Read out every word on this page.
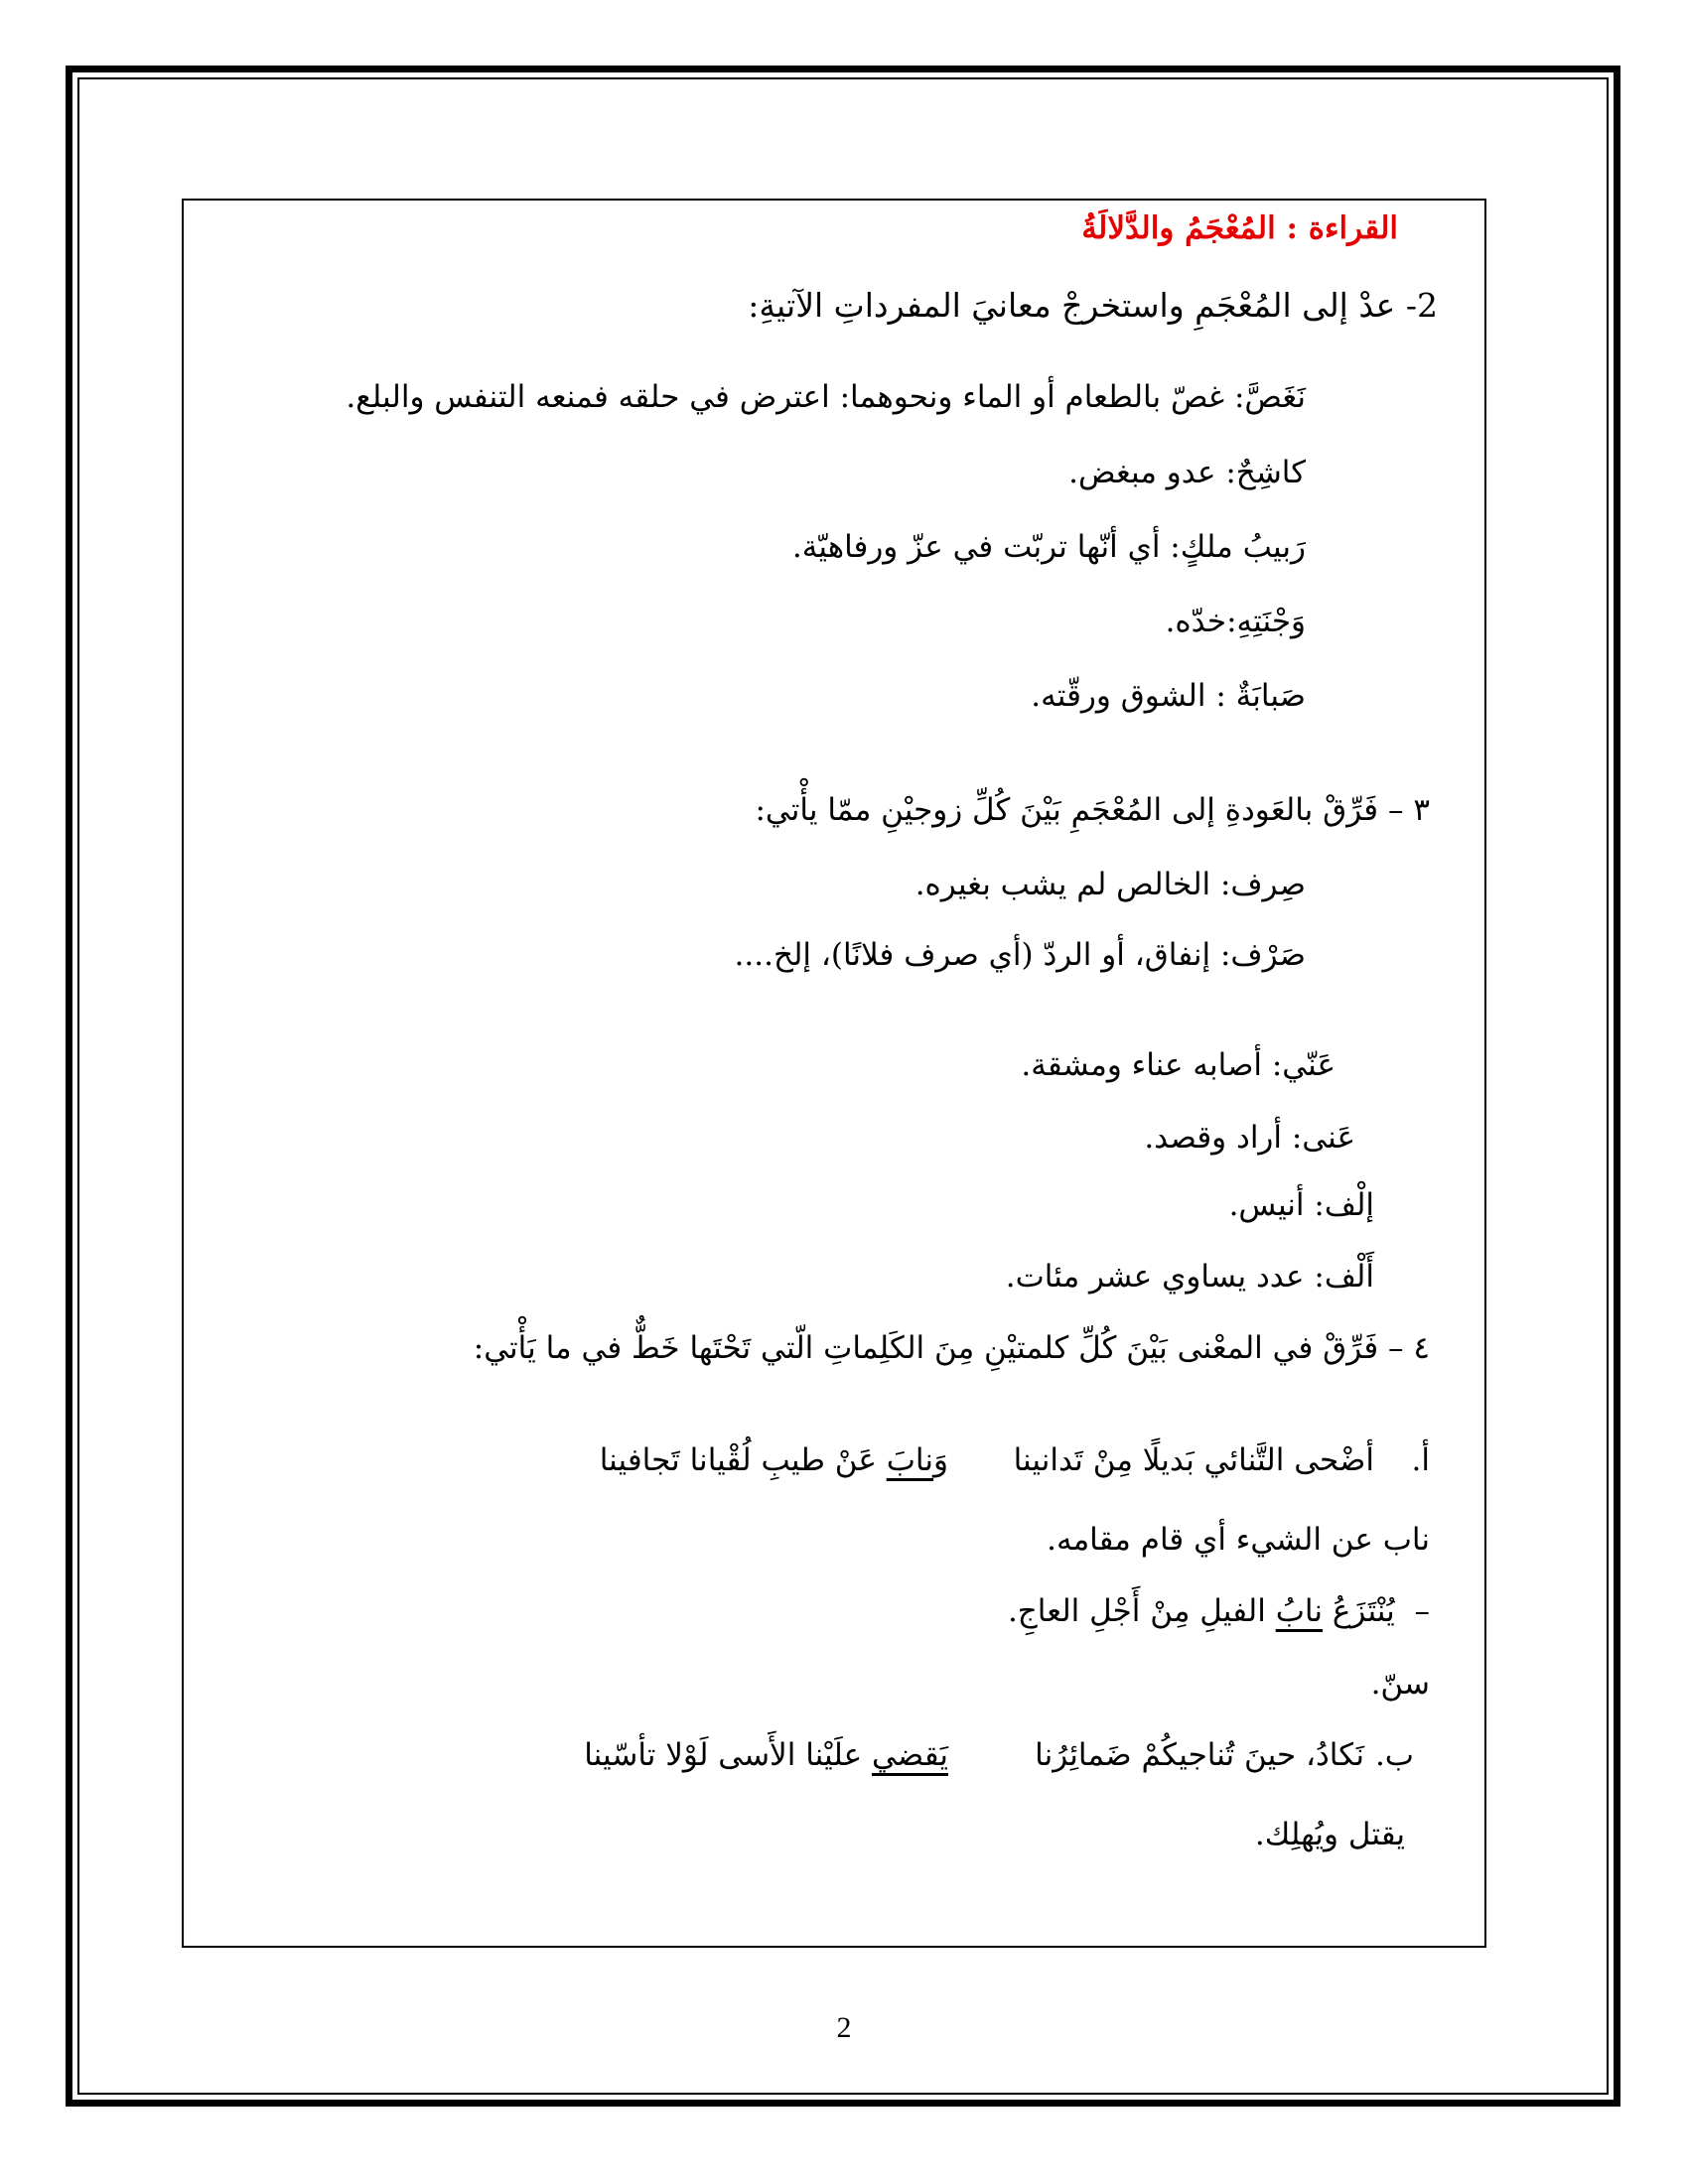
القراءة : المُعْجَمُ والدَّلالَةُ
2- عدْ إلى المُعْجَمِ واستخرجْ معانيَ المفرداتِ الآتيةِ:
نَغَصَّ: غصّ بالطعام أو الماء ونحوهما: اعترض في حلقه فمنعه التنفس والبلع.
كاشِحٌ: عدو مبغض.
رَبيبُ ملكٍ: أي أنّها تربّت في عزّ ورفاهيّة.
وَجْنَتِهِ:خدّه.
صَبابَةٌ : الشوق ورقّته.
٣ – فَرِّقْ بالعَودةِ إلى المُعْجَمِ بَيْنَ كُلِّ زوجيْنِ ممّا يأْتي:
صِرف: الخالص لم يشب بغيره.
صَرْف: إنفاق، أو الردّ (أي صرف فلانًا)، إلخ....
عَنّي: أصابه عناء ومشقة.
عَنى: أراد وقصد.
إلْف: أنيس.
أَلْف: عدد يساوي عشر مئات.
٤ – فَرِّقْ في المعْنى بَيْنَ كُلِّ كلمتيْنِ مِنَ الكَلِماتِ الّتي تَحْتَها خَطٌّ في ما يَأْتي:
أ.
أضْحى التَّنائي بَديلًا مِنْ تَدانينا
وَنابَ عَنْ طيبِ لُقْيانا تَجافينا
ناب عن الشيء أي قام مقامه.
–  يُنْتَزَعُ نابُ الفيلِ مِنْ أَجْلِ العاجِ.
سنّ.
ب.
نَكادُ، حينَ تُناجيكُمْ ضَمائِرُنا
يَقضي علَيْنا الأَسى لَوْلا تأسّينا
يقتل ويُهلِك.
2
